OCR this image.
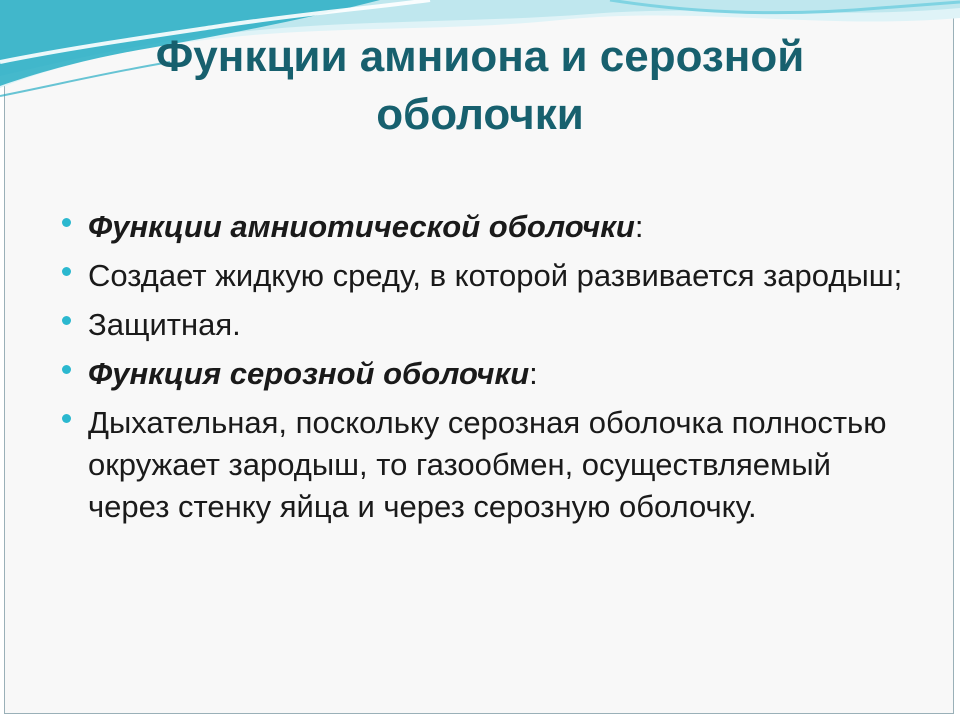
Функции амниона и серозной оболочки
Функции амниотической оболочки:
Создает жидкую среду, в которой развивается зародыш;
Защитная.
Функция серозной оболочки:
Дыхательная, поскольку серозная оболочка полностью окружает зародыш, то газообмен, осуществляемый через стенку яйца и через серозную оболочку.
